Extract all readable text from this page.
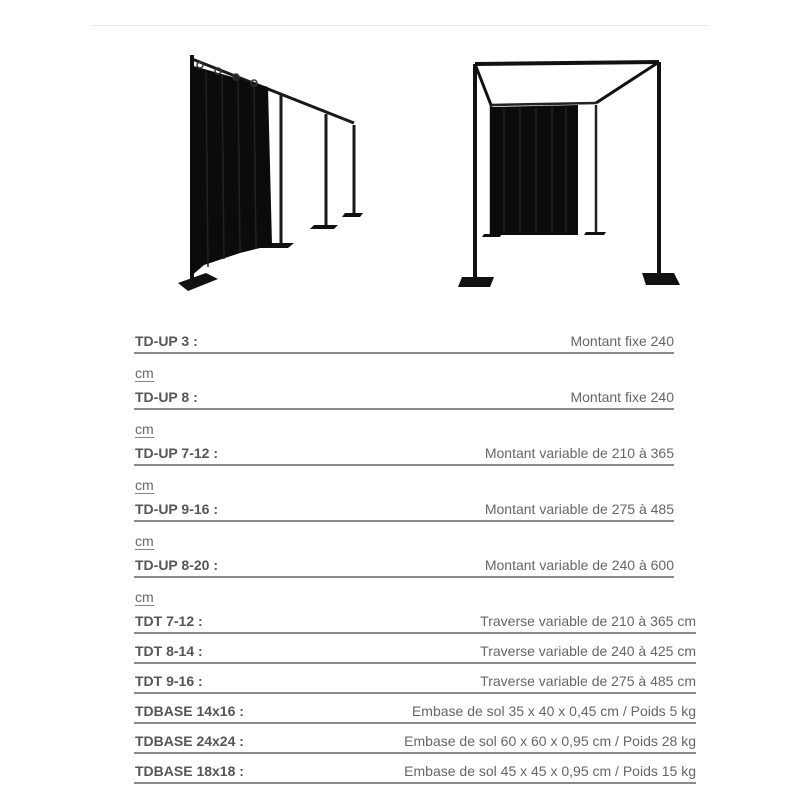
TD-UP 3 :	Montant fixe 240
cm
TD-UP 8 :	Montant fixe 240
cm
TD-UP 7-12 :	Montant variable de 210 à 365
cm
TD-UP 9-16 :	Montant variable de 275 à 485
cm
TD-UP 8-20 :	Montant variable de 240 à 600
cm
TDT 7-12 :	Traverse variable de 210 à 365 cm
TDT 8-14 :	Traverse variable de 240 à 425 cm
TDT 9-16 :	Traverse variable de 275 à 485 cm
TDBASE 14x16 :	Embase de sol 35 x 40 x 0,45 cm / Poids 5 kg
TDBASE 24x24 :	Embase de sol 60 x 60 x 0,95 cm / Poids 28 kg
TDBASE 18x18 :	Embase de sol 45 x 45 x 0,95 cm / Poids 15 kg
